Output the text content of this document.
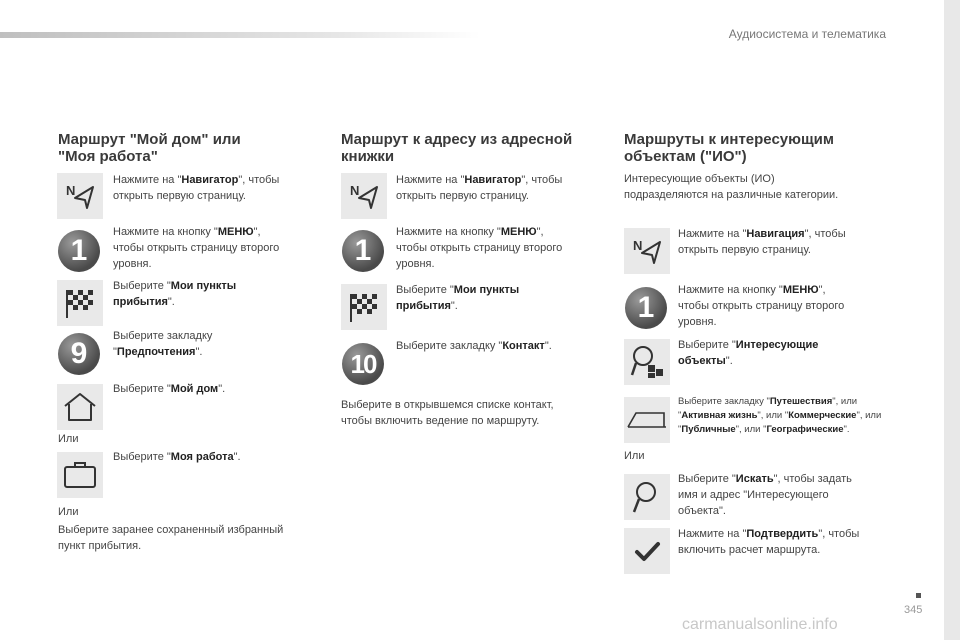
Аудиосистема и телематика
Маршрут "Мой дом" или
"Моя работа"
N
Нажмите на "Навигатор", чтобы
открыть первую страницу.
1
Нажмите на кнопку "МЕНЮ",
чтобы открыть страницу второго
уровня.
Выберите "Мои пункты
прибытия".
9
Выберите закладку
"Предпочтения".
Выберите "Мой дом".
Или
Выберите "Моя работа".
Или
Выберите заранее сохраненный избранный
пункт прибытия.
Маршрут к адресу из адресной
книжки
N
Нажмите на "Навигатор", чтобы
открыть первую страницу.
1
Нажмите на кнопку "МЕНЮ",
чтобы открыть страницу второго
уровня.
Выберите "Мои пункты
прибытия".
10
Выберите закладку "Контакт".
Выберите в открывшемся списке контакт,
чтобы включить ведение по маршруту.
Маршруты к интересующим
объектам ("ИО")
Интересующие объекты (ИО)
подразделяются на различные категории.
N
Нажмите на "Навигация", чтобы
открыть первую страницу.
1
Нажмите на кнопку "МЕНЮ",
чтобы открыть страницу второго
уровня.
Выберите "Интересующие
объекты".
Выберите закладку "Путешествия", или
"Активная жизнь", или "Коммерческие", или
"Публичные", или "Географические".
Или
Выберите "Искать", чтобы задать
имя и адрес "Интересующего
объекта".
Нажмите на "Подтвердить", чтобы
включить расчет маршрута.
345
carmanualsonline.info
